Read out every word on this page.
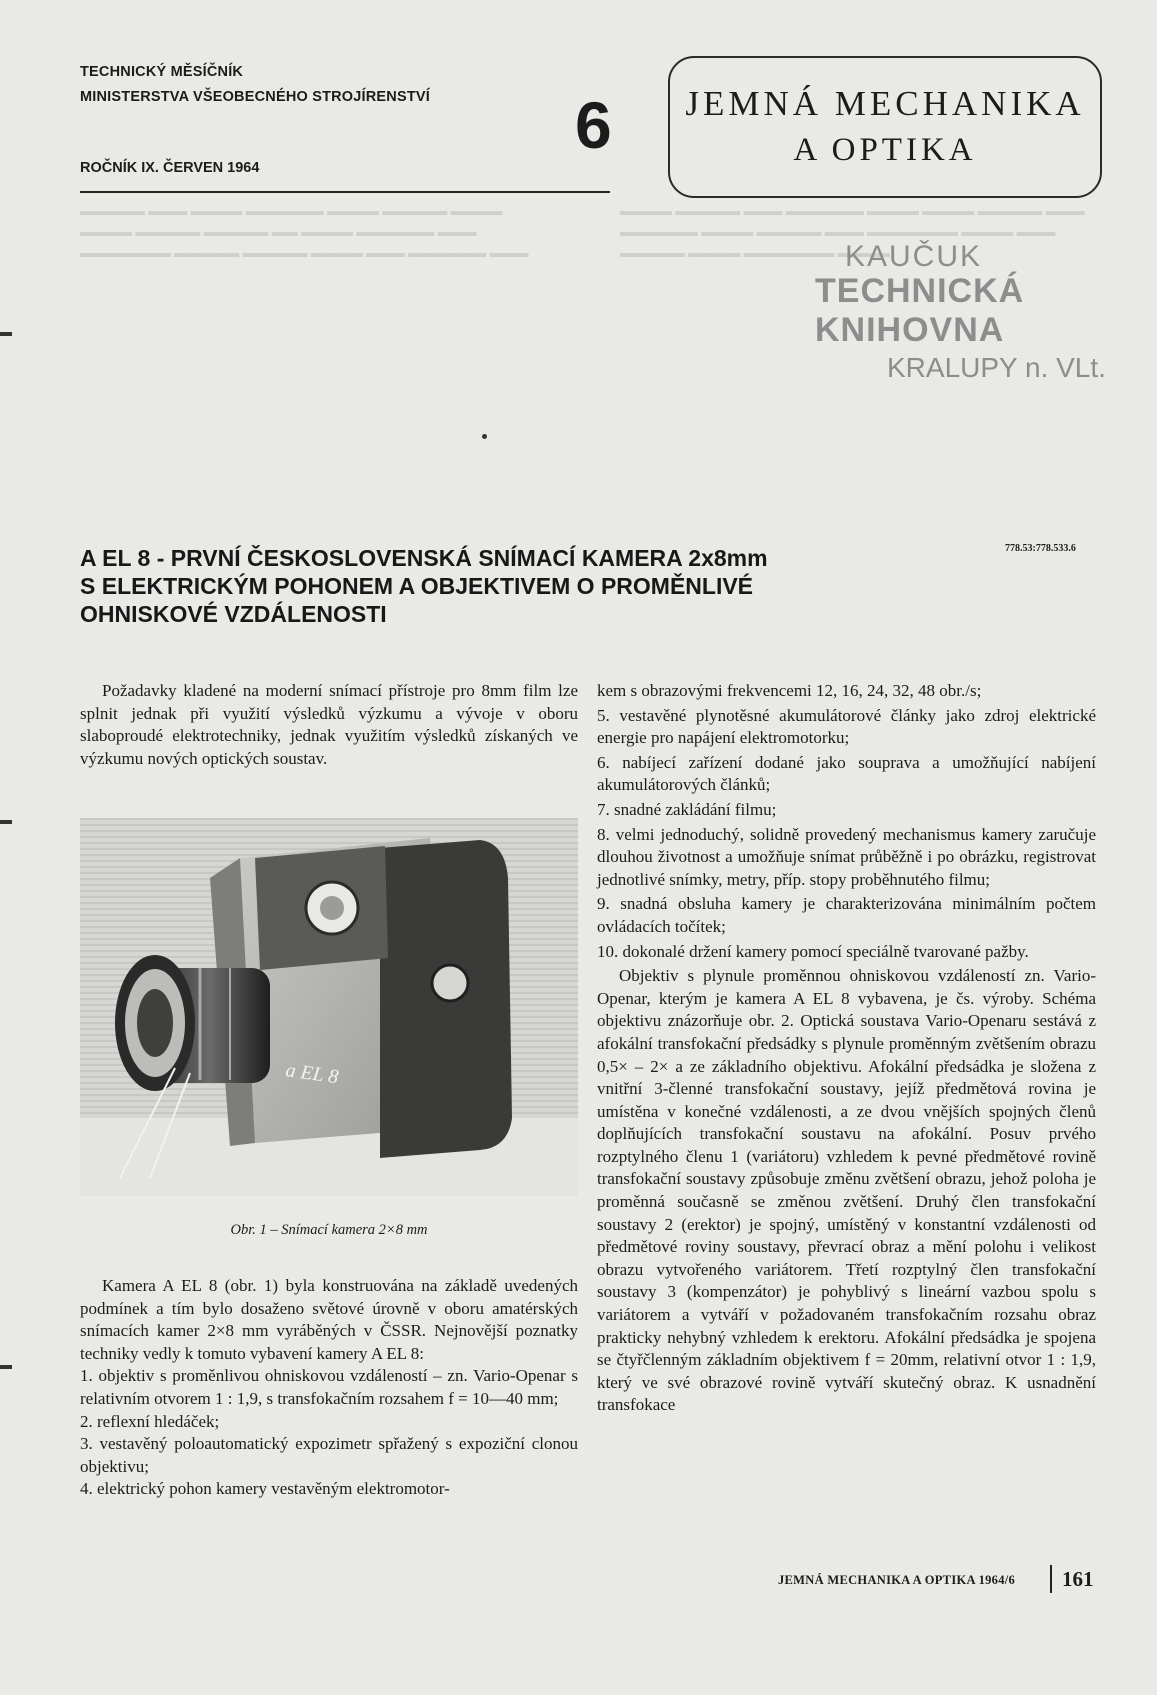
▬▬▬▬▬ ▬▬▬ ▬▬▬▬ ▬▬▬▬▬▬ ▬▬▬▬ ▬▬▬▬▬ ▬▬▬▬ ▬▬▬▬ ▬▬▬▬▬ ▬▬▬▬▬ ▬▬ ▬▬▬▬ ▬▬▬▬▬▬ ▬▬▬ ▬▬▬▬▬▬▬ ▬▬▬▬▬ ▬▬▬▬▬ ▬▬▬▬ ▬▬▬ ▬▬▬▬▬▬ ▬▬▬
▬▬▬▬ ▬▬▬▬▬ ▬▬▬ ▬▬▬▬▬▬ ▬▬▬▬ ▬▬▬▬ ▬▬▬▬▬ ▬▬▬ ▬▬▬▬▬▬ ▬▬▬▬ ▬▬▬▬▬ ▬▬▬ ▬▬▬▬▬▬▬ ▬▬▬▬ ▬▬▬ ▬▬▬▬▬ ▬▬▬▬ ▬▬▬▬▬▬▬ ▬▬▬▬
TECHNICKÝ MĚSÍČNÍK
MINISTERSTVA VŠEOBECNÉHO STROJÍRENSTVÍ
ROČNÍK IX. ČERVEN 1964
6	JEMNÁ MECHANIKA
A OPTIKA
KAUČUK
TECHNICKÁ KNIHOVNA
KRALUPY n. VLt.
A EL 8 - PRVNÍ ČESKOSLOVENSKÁ SNÍMACÍ KAMERA 2x8mm
S ELEKTRICKÝM POHONEM A OBJEKTIVEM O PROMĚNLIVÉ
OHNISKOVÉ VZDÁLENOSTI
778.53:778.533.6

Požadavky kladené na moderní snímací přístroje pro 8mm film lze splnit jednak při využití výsledků výzkumu a vývoje v oboru slaboproudé elektrotechniky, jednak využitím výsledků získaných ve výzkumu nových optických soustav.

a EL 8
Obr. 1 – Snímací kamera 2×8 mm

Kamera A EL 8 (obr. 1) byla konstruována na základě uvedených podmínek a tím bylo dosaženo světové úrovně v oboru amatérských snímacích kamer 2×8 mm vyráběných v ČSSR. Nejnovější poznatky techniky vedly k tomuto vybavení kamery A EL 8:

1. objektiv s proměnlivou ohniskovou vzdáleností – zn. Vario-Openar s relativním otvorem 1 : 1,9, s transfokačním rozsahem f = 10—40 mm;

2. reflexní hledáček;

3. vestavěný poloautomatický expozimetr spřažený s expoziční clonou objektivu;

4. elektrický pohon kamery vestavěným elektromotor-

kem s obrazovými frekvencemi 12, 16, 24, 32, 48 obr./s;

5. vestavěné plynotěsné akumulátorové články jako zdroj elektrické energie pro napájení elektromotorku;

6. nabíjecí zařízení dodané jako souprava a umožňující nabíjení akumulátorových článků;

7. snadné zakládání filmu;

8. velmi jednoduchý, solidně provedený mechanismus kamery zaručuje dlouhou životnost a umožňuje snímat průběžně i po obrázku, registrovat jednotlivé snímky, metry, příp. stopy proběhnutého filmu;

9. snadná obsluha kamery je charakterizována minimálním počtem ovládacích točítek;

10. dokonalé držení kamery pomocí speciálně tvarované pažby.

Objektiv s plynule proměnnou ohniskovou vzdáleností zn. Vario-Openar, kterým je kamera A EL 8 vybavena, je čs. výroby. Schéma objektivu znázorňuje obr. 2. Optická soustava Vario-Openaru sestává z afokální transfokační předsádky s plynule proměnným zvětšením obrazu 0,5× – 2× a ze základního objektivu. Afokální předsádka je složena z vnitřní 3-členné transfokační soustavy, jejíž předmětová rovina je umístěna v konečné vzdálenosti, a ze dvou vnějších spojných členů doplňujících transfokační soustavu na afokální. Posuv prvého rozptylného členu 1 (variátoru) vzhledem k pevné předmětové rovině transfokační soustavy způsobuje změnu zvětšení obrazu, jehož poloha je proměnná současně se změnou zvětšení. Druhý člen transfokační soustavy 2 (erektor) je spojný, umístěný v konstantní vzdálenosti od předmětové roviny soustavy, převrací obraz a mění polohu i velikost obrazu vytvořeného variátorem. Třetí rozptylný člen transfokační soustavy 3 (kompenzátor) je pohyblivý s lineární vazbou spolu s variátorem a vytváří v požadovaném transfokačním rozsahu obraz prakticky nehybný vzhledem k erektoru. Afokální předsádka je spojena se čtyřčlenným základním objektivem f = 20mm, relativní otvor 1 : 1,9, který ve své obrazové rovině vytváří skutečný obraz. K usnadnění transfokace

JEMNÁ MECHANIKA A OPTIKA 1964/6 161
